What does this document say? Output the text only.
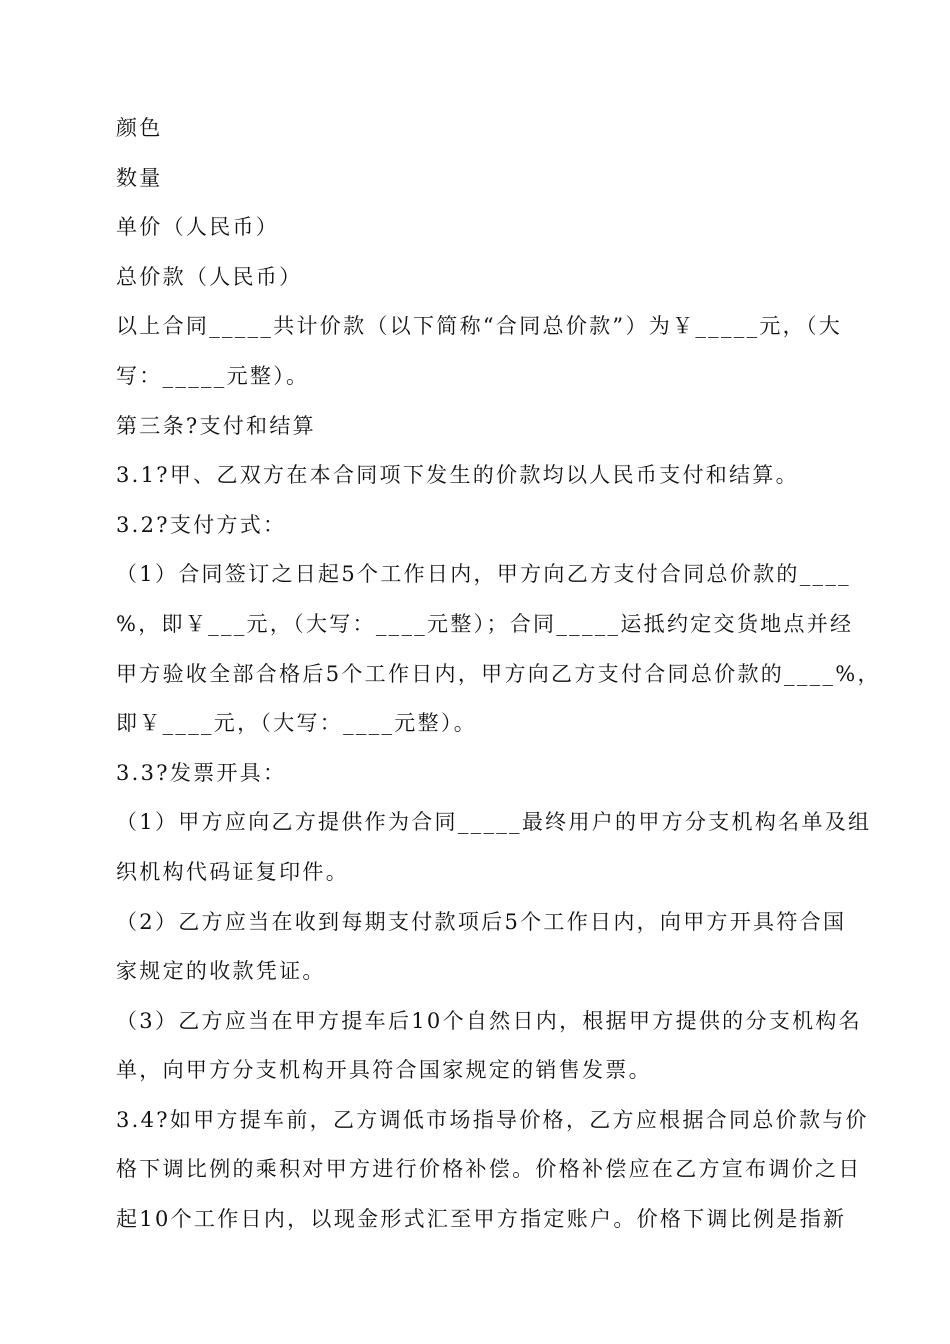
颜色
数量
单价（人民币）
总价款（人民币）
以上合同_____共计价款（以下简称“合同总价款”）为￥_____元，（大
写：_____元整）。
第三条?支付和结算
3.1?甲、乙双方在本合同项下发生的价款均以人民币支付和结算。
3.2?支付方式：
（1）合同签订之日起5个工作日内，甲方向乙方支付合同总价款的____
%，即￥___元，（大写：____元整）；合同_____运抵约定交货地点并经
甲方验收全部合格后5个工作日内，甲方向乙方支付合同总价款的____%，
即￥____元，（大写：____元整）。
3.3?发票开具：
（1）甲方应向乙方提供作为合同_____最终用户的甲方分支机构名单及组
织机构代码证复印件。
（2）乙方应当在收到每期支付款项后5个工作日内，向甲方开具符合国
家规定的收款凭证。
（3）乙方应当在甲方提车后10个自然日内，根据甲方提供的分支机构名
单，向甲方分支机构开具符合国家规定的销售发票。
3.4?如甲方提车前，乙方调低市场指导价格，乙方应根据合同总价款与价
格下调比例的乘积对甲方进行价格补偿。价格补偿应在乙方宣布调价之日
起10个工作日内，以现金形式汇至甲方指定账户。价格下调比例是指新
